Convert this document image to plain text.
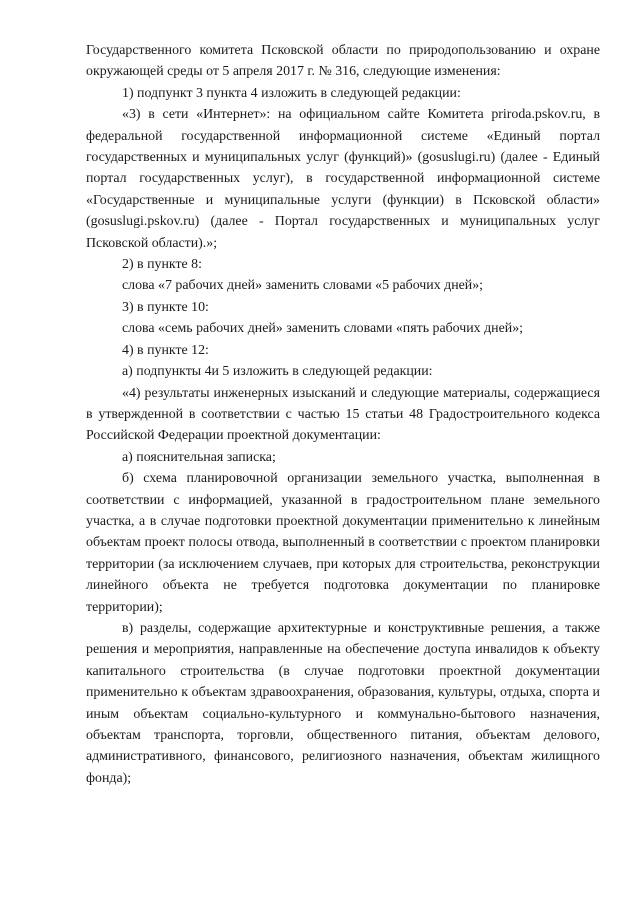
Государственного комитета Псковской области по природопользованию и охране окружающей среды от 5 апреля 2017 г. № 316, следующие изменения:

1) подпункт 3 пункта 4 изложить в следующей редакции:

«3) в сети «Интернет»: на официальном сайте Комитета priroda.pskov.ru, в федеральной государственной информационной системе «Единый портал государственных и муниципальных услуг (функций)» (gosuslugi.ru) (далее - Единый портал государственных услуг), в государственной информационной системе «Государственные и муниципальные услуги (функции) в Псковской области» (gosuslugi.pskov.ru) (далее - Портал государственных и муниципальных услуг Псковской области).»;

2) в пункте 8:

слова «7 рабочих дней» заменить словами «5 рабочих дней»;

3) в пункте 10:

слова «семь рабочих дней» заменить словами «пять рабочих дней»;

4) в пункте 12:

а) подпункты 4и 5 изложить в следующей редакции:

«4) результаты инженерных изысканий и следующие материалы, содержащиеся в утвержденной в соответствии с частью 15 статьи 48 Градостроительного кодекса Российской Федерации проектной документации:

а) пояснительная записка;

б) схема планировочной организации земельного участка, выполненная в соответствии с информацией, указанной в градостроительном плане земельного участка, а в случае подготовки проектной документации применительно к линейным объектам проект полосы отвода, выполненный в соответствии с проектом планировки территории (за исключением случаев, при которых для строительства, реконструкции линейного объекта не требуется подготовка документации по планировке территории);

в) разделы, содержащие архитектурные и конструктивные решения, а также решения и мероприятия, направленные на обеспечение доступа инвалидов к объекту капитального строительства (в случае подготовки проектной документации применительно к объектам здравоохранения, образования, культуры, отдыха, спорта и иным объектам социально-культурного и коммунально-бытового назначения, объектам транспорта, торговли, общественного питания, объектам делового, административного, финансового, религиозного назначения, объектам жилищного фонда);
